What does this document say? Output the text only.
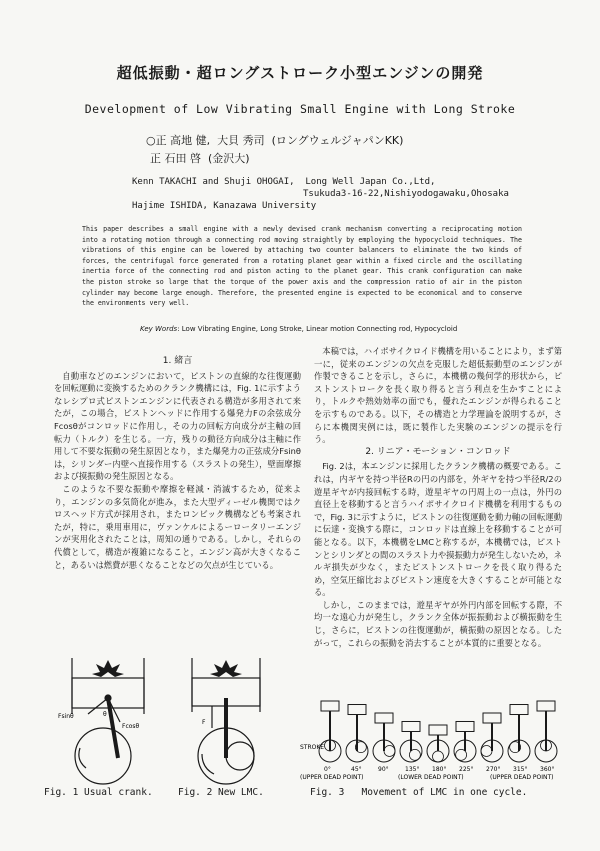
超低振動・超ロングストローク小型エンジンの開発
Development of Low Vibrating Small Engine with Long Stroke
○正 高地 健,  大貝 秀司  (ロングウェルジャパンKK)
正 石田 啓  (金沢大)
Kenn TAKACHI and Shuji OHOGAI,  Long Well Japan Co.,Ltd,
Tsukuda3-16-22,Nishiyodogawaku,Ohosaka
Hajime ISHIDA, Kanazawa University
This paper describes a small engine with a newly devised crank mechanism converting a reciprocating motion into a rotating motion through a connecting rod moving straightly by employing the hypocycloid techniques. The vibrations of this engine can be lowered by attaching two counter balancers to eliminate the two kinds of forces, the centrifugal force generated from a rotating planet gear within a fixed circle and the oscillating inertia force of the connecting rod and piston acting to the planet gear. This crank configuration can make the piston stroke so large that the torque of the power axis and the compression ratio of air in the piston cylinder may become large enough. Therefore, the presented engine is expected to be economical and to conserve the environments very well.
Key Words: Low Vibrating Engine, Long Stroke, Linear motion Connecting rod, Hypocycloid
1. 緒言

自動車などのエンジンにおいて，ピストンの直線的な往復運動を回転運動に変換するためのクランク機構には，Fig. 1に示すようなレシプロ式ピストンエンジンに代表される構造が多用されて来たが，この場合，ピストンヘッドに作用する爆発力Fの余弦成分Fcosθがコンロッドに作用し，その力の回転方向成分が主軸の回転力（トルク）を生じる。一方，残りの動径方向成分は主軸に作用して不要な振動の発生原因となり，また爆発力の正弦成分Fsinθは，シリンダー内壁へ直接作用する（スラストの発生），壁面摩擦および摸振動の発生原因となる。

このような不要な振動や摩擦を軽減・消滅するため，従来より，エンジンの多気筒化が進み，また大型ディーゼル機関ではクロスヘッド方式が採用され，またロンビック機構なども考案されたが，特に，乗用車用に，ヴァンケルによるーロータリーエンジンが実用化されたことは，周知の通りである。しかし，それらの代償として，構造が複雑になること，エンジン高が大きくなること，あるいは燃費が悪くなることなどの欠点が生じている。

本稿では，ハイポサイクロイド機構を用いることにより，まず第一に，従来のエンジンの欠点を克服した超低振動型のエンジンが作製できることを示し，さらに，本機構の幾何学的形状から，ピストンストロークを長く取り得ると言う利点を生かすことにより，トルクや熱効効率の面でも，優れたエンジンが得られることを示すものである。以下，その構造と力学理論を説明するが，さらに本機関実例には，既に製作した実験のエンジンの提示を行う。

2. リニア・モーション・コンロッド

Fig. 2は，本エンジンに採用したクランク機構の概要である。これは，内ギヤを持つ半径Rの円の内部を，外ギヤを持つ半径R/2の遊星ギヤが内接回転する時，遊星ギヤの円周上の一点は，外円の直径上を移動すると言うハイポサイクロイド機構を利用するもので，Fig. 3に示すように，ピストンの往復運動を動力軸の回転運動に伝達・変換する際に，コンロッドは直線上を移動することが可能となる。以下，本機構をLMCと称するが，本機構では，ピストンとシリンダとの間のスラスト力や摸振動力が発生しないため，ネルギ損失が少なく，またピストンストロークを長く取り得るため，空気圧縮比およびピストン速度を大きくすることが可能となる。

しかし，このままでは，遊星ギヤが外円内部を回転する際，不均一な遠心力が発生し，クランク全体が振振動および横振動を生じ，さらに，ピストンの往復運動が，横振動の原因となる。したがって，これらの振動を消去することが本質的に重要となる。

Fsinθ
Fcosθ
θ
F
STROKE
0°	45°	90°	135° 180° 225° 270° 315° 360°
(UPPER DEAD POINT)	(LOWER DEAD POINT)	(UPPER DEAD POINT)
Fig. 1 Usual crank.	Fig. 2 New LMC.	Fig. 3   Movement of LMC in one cycle.
